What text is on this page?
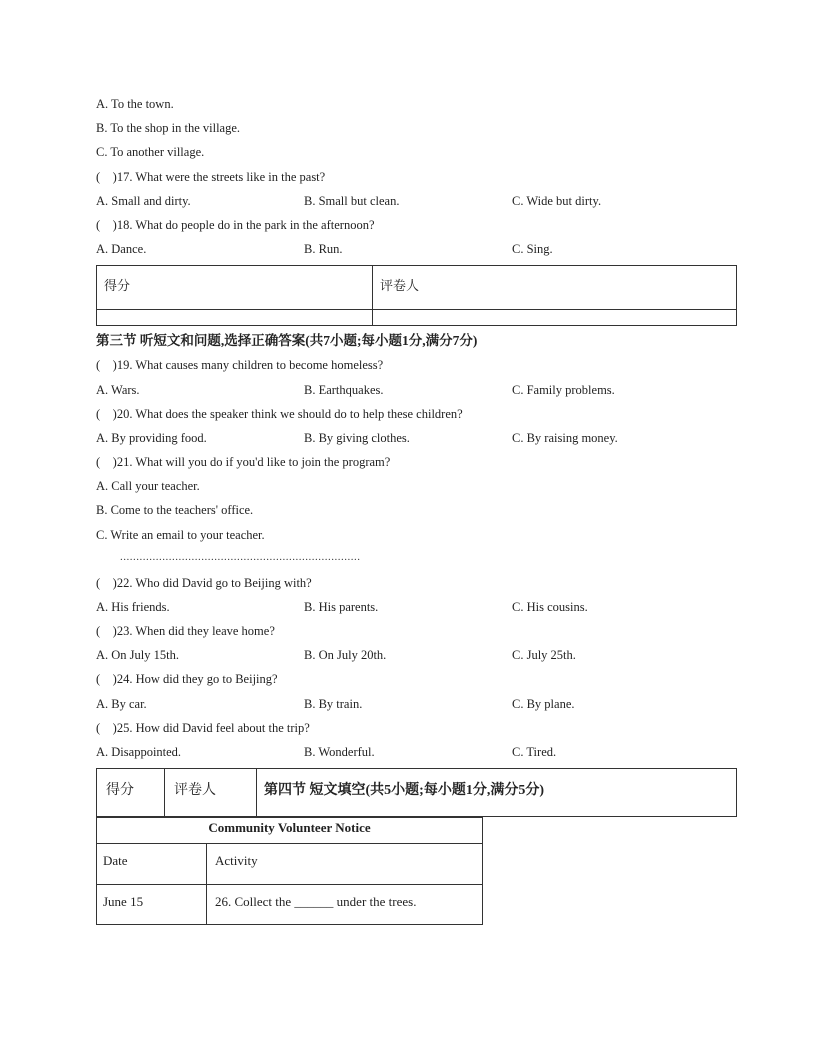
A. To the town.
B. To the shop in the village.
C. To another village.
(    )17. What were the streets like in the past?
A. Small and dirty.	B. Small but clean.	C. Wide but dirty.
(    )18. What do people do in the park in the afternoon?
A. Dance.	B. Run.	C. Sing.
得分	评卷人
第三节 听短文和问题,选择正确答案(共7小题;每小题1分,满分7分)
(    )19. What causes many children to become homeless?
A. Wars.	B. Earthquakes.	C. Family problems.
(    )20. What does the speaker think we should do to help these children?
A. By providing food.	B. By giving clothes.	C. By raising money.
(    )21. What will you do if you'd like to join the program?
A. Call your teacher.
B. Come to the teachers' office.
C. Write an email to your teacher.
..........................................................................
(    )22. Who did David go to Beijing with?
A. His friends.	B. His parents.	C. His cousins.
(    )23. When did they leave home?
A. On July 15th.	B. On July 20th.	C. July 25th.
(    )24. How did they go to Beijing?
A. By car.	B. By train.	C. By plane.
(    )25. How did David feel about the trip?
A. Disappointed.	B. Wonderful.	C. Tired.
得分	评卷人	第四节 短文填空(共5小题;每小题1分,满分5分)
Community Volunteer Notice
Date	Activity
June 15	26. Collect the ______ under the trees.
